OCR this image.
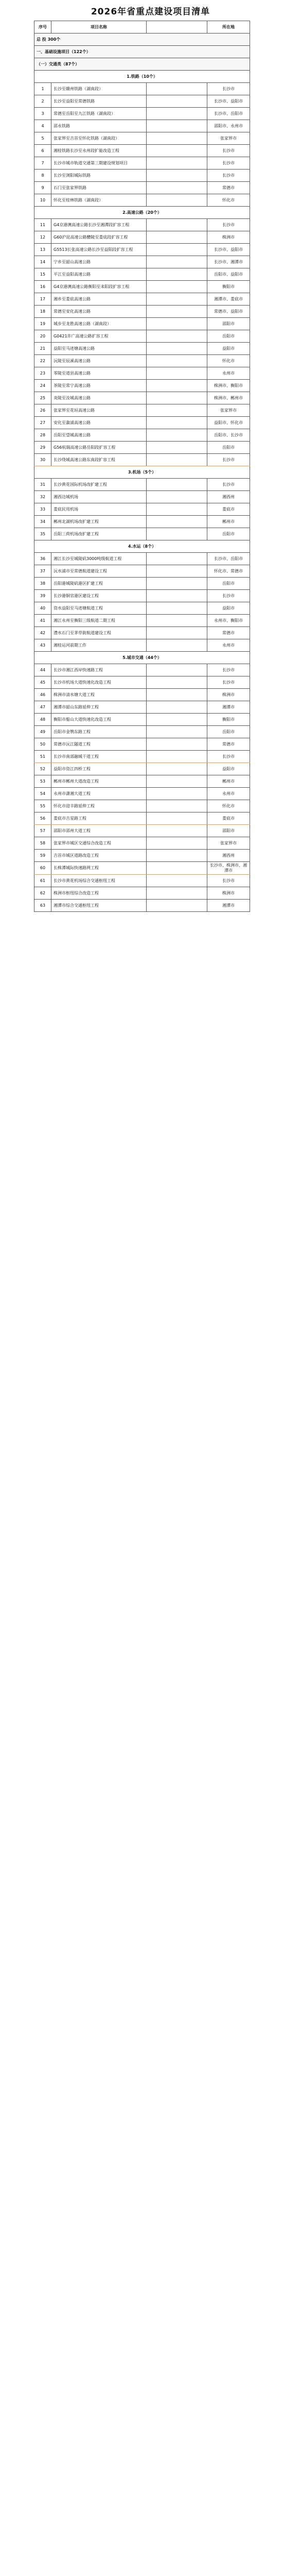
2026年省重点建设项目清单
序号	项目名称		所在地
总 投 300个			
一、基础设施项目（122个）			
（一）交通类（87个）			
1.铁路（10个）			
1	长沙至赣州铁路（湖南段）		长沙市
2	长沙至益阳至常德铁路		长沙市、益阳市
3	常德至岳阳至九江铁路（湖南段）		长沙市、岳阳市
4	邵永铁路		邵阳市、永州市
5	张家界至吉首至怀化铁路（湖南段）		张家界市
6	湘桂铁路长沙至永州段扩能改造工程		长沙市
7	长沙市城市轨道交通第三期建设规划项目		长沙市
8	长沙至浏阳城际铁路		长沙市
9	石门至张家界铁路		常德市
10	怀化至桂林铁路（湖南段）		怀化市
2.高速公路（20个）			
11	G4京港澳高速公路长沙至湘潭段扩容工程		长沙市
12	G60沪昆高速公路醴陵至娄底段扩容工程		株洲市
13	G5513长张高速公路长沙至益阳段扩容工程		长沙市、益阳市
14	宁乡至韶山高速公路		长沙市、湘潭市
15	平江至益阳高速公路		岳阳市、益阳市
16	G4京港澳高速公路衡阳至耒阳段扩容工程		衡阳市
17	湘乡至娄底高速公路		湘潭市、娄底市
18	常德至安化高速公路		常德市、益阳市
19	城步至龙胜高速公路（湖南段）		邵阳市
20	G0421许广高速公路扩容工程		岳阳市
21	益阳至马迹塘高速公路		益阳市
22	沅陵至辰溪高速公路		怀化市
23	零陵至道县高速公路		永州市
24	茶陵至常宁高速公路		株洲市、衡阳市
25	炎陵至汝城高速公路		株洲市、郴州市
26	张家界至花垣高速公路		张家界市
27	安化至溆浦高速公路		益阳市、怀化市
28	岳阳至望城高速公路		岳阳市、长沙市
29	G56杭瑞高速公路岳阳段扩容工程		岳阳市
30	长沙绕城高速公路东南段扩容工程		长沙市
3.机场（5个）			
31	长沙黄花国际机场改扩建工程		长沙市
32	湘西边城机场		湘西州
33	娄底民用机场		娄底市
34	郴州北湖机场改扩建工程		郴州市
35	岳阳三荷机场改扩建工程		岳阳市
4.水运（8个）			
36	湘江长沙至城陵矶3000吨级航道工程		长沙市、岳阳市
37	沅水浦市至常德航道建设工程		怀化市、常德市
38	岳阳港城陵矶港区扩建工程		岳阳市
39	长沙港铜官港区建设工程		长沙市
40	资水益阳至马迹塘航道工程		益阳市
41	湘江永州至衡阳三级航道二期工程		永州市、衡阳市
42	澧水石门至茅草街航道建设工程		常德市
43	湘桂运河前期工作		永州市
5.城市交通（44个）			
44	长沙市湘江西岸快速路工程		长沙市
45	长沙市机场大道快速化改造工程		长沙市
46	株洲市清水塘大道工程		株洲市
47	湘潭市韶山东路延伸工程		湘潭市
48	衡阳市船山大道快速化改造工程		衡阳市
49	岳阳市金鹗东路工程		岳阳市
50	常德市沅江隧道工程		常德市
51	长沙市南部融城干道工程		长沙市
52	益阳市资江四桥工程		益阳市
53	郴州市郴州大道改造工程		郴州市
54	永州市潇湘大道工程		永州市
55	怀化市迎丰路延伸工程		怀化市
56	娄底市吉星路工程		娄底市
57	邵阳市邵州大道工程		邵阳市
58	张家界市城区交通综合改造工程		张家界市
59	吉首市城区道路改造工程		湘西州
60	长株潭城际快速路网工程		长沙市、株洲市、湘潭市
61	长沙市黄花机场综合交通枢纽工程		长沙市
62	株洲市枢纽综合改造工程		株洲市
63	湘潭市综合交通枢纽工程		湘潭市
